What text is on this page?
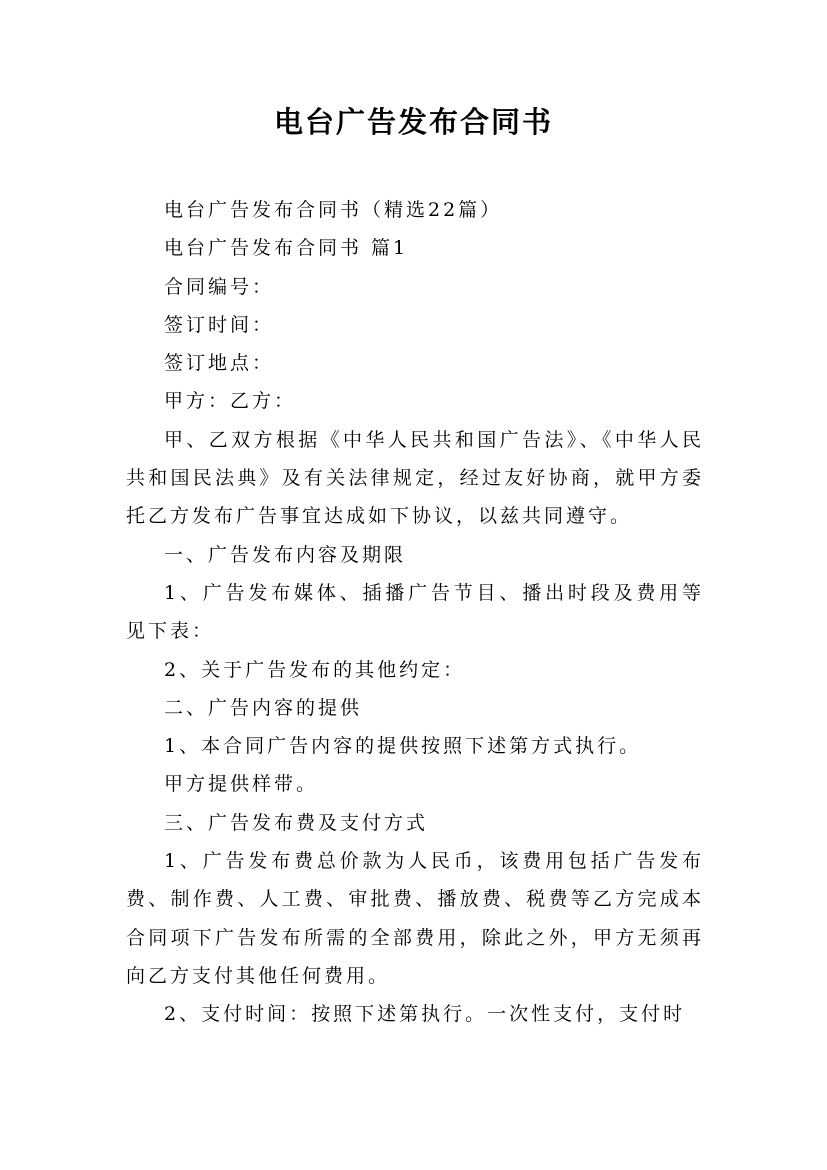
电台广告发布合同书

电台广告发布合同书（精选22篇）

电台广告发布合同书 篇1

合同编号：

签订时间：

签订地点：

甲方：乙方：

甲、乙双方根据《中华人民共和国广告法》、《中华人民共和国民法典》及有关法律规定，经过友好协商，就甲方委托乙方发布广告事宜达成如下协议，以兹共同遵守。

一、广告发布内容及期限

1、广告发布媒体、插播广告节目、播出时段及费用等见下表：

2、关于广告发布的其他约定：

二、广告内容的提供

1、本合同广告内容的提供按照下述第方式执行。

甲方提供样带。

三、广告发布费及支付方式

1、广告发布费总价款为人民币，该费用包括广告发布费、制作费、人工费、审批费、播放费、税费等乙方完成本合同项下广告发布所需的全部费用，除此之外，甲方无须再向乙方支付其他任何费用。

2、支付时间：按照下述第执行。一次性支付，支付时
